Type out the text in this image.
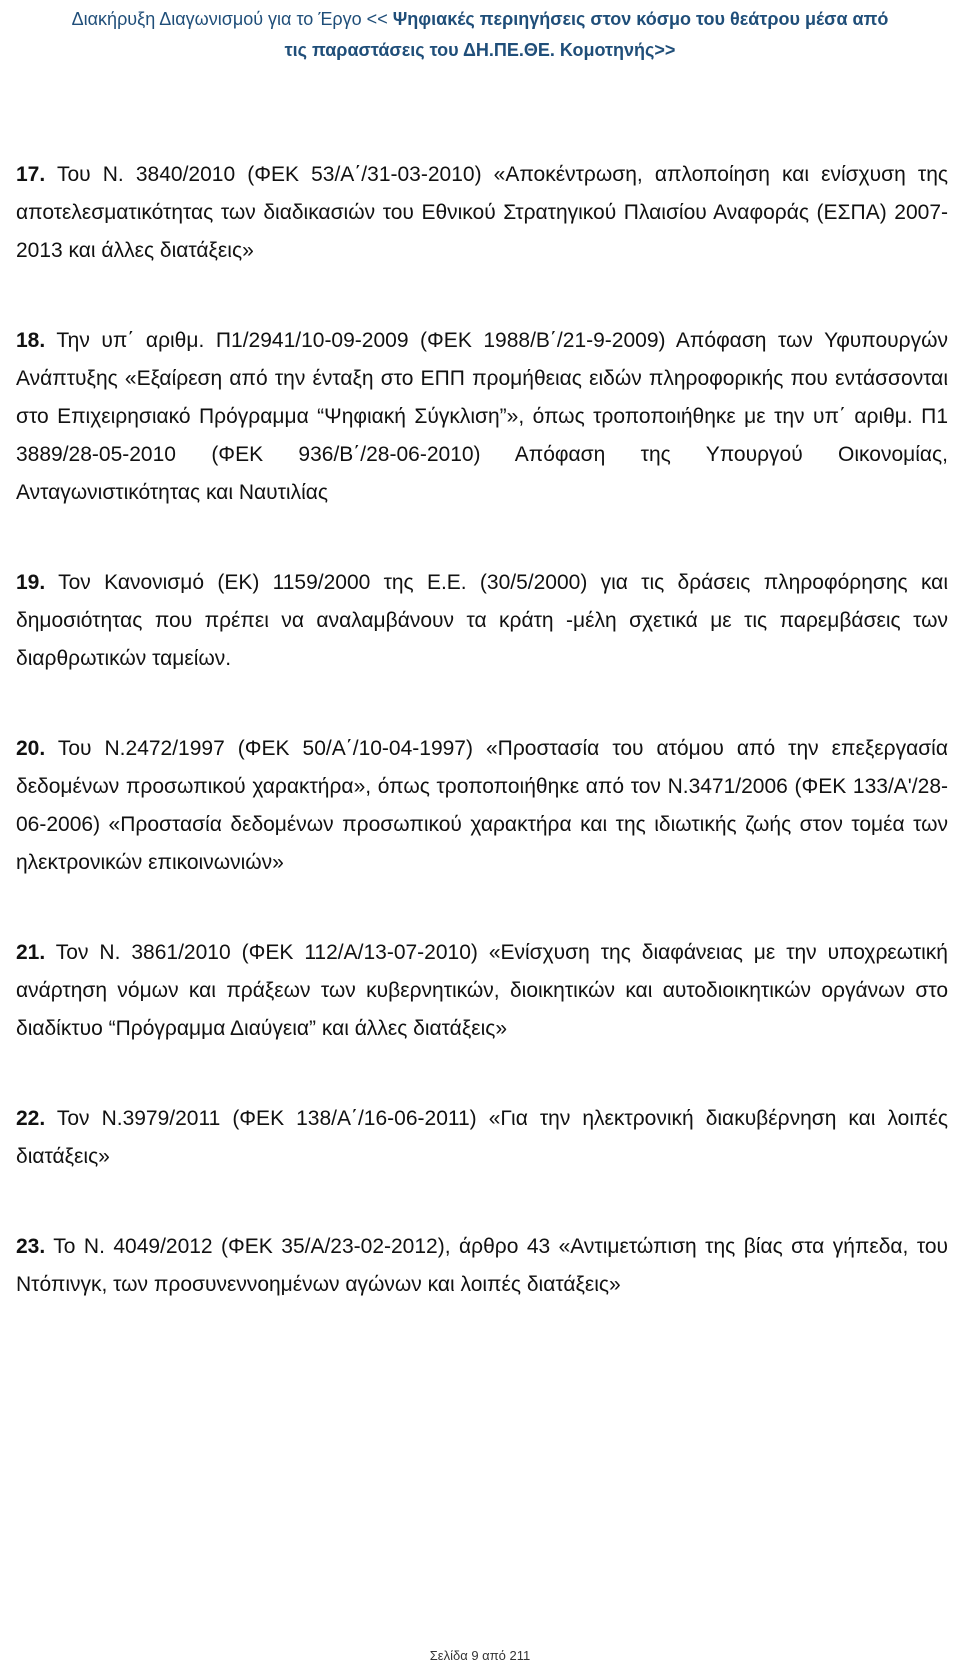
Διακήρυξη Διαγωνισμού για το Έργο << Ψηφιακές περιηγήσεις στον κόσμο του θεάτρου μέσα από
τις παραστάσεις του ΔΗ.ΠΕ.ΘΕ. Κομοτηνής>>

17. Του Ν. 3840/2010 (ΦΕΚ 53/Α΄/31-03-2010) «Αποκέντρωση, απλοποίηση και ενίσχυση της αποτελεσματικότητας των διαδικασιών του Εθνικού Στρατηγικού Πλαισίου Αναφοράς (ΕΣΠΑ) 2007-2013 και άλλες διατάξεις»

18. Την υπ΄ αριθμ. Π1/2941/10-09-2009 (ΦΕΚ 1988/Β΄/21-9-2009) Απόφαση των Υφυπουργών Ανάπτυξης «Εξαίρεση από την ένταξη στο ΕΠΠ προμήθειας ειδών πληροφορικής που εντάσσονται στο Επιχειρησιακό Πρόγραμμα “Ψηφιακή Σύγκλιση”», όπως τροποποιήθηκε με την υπ΄ αριθμ. Π1 3889/28-05-2010 (ΦΕΚ 936/Β΄/28-06-2010) Απόφαση της Υπουργού Οικονομίας, Ανταγωνιστικότητας και Ναυτιλίας

19. Τον Κανονισμό (ΕΚ) 1159/2000 της Ε.Ε. (30/5/2000) για τις δράσεις πληροφόρησης και δημοσιότητας που πρέπει να αναλαμβάνουν τα κράτη -μέλη σχετικά με τις παρεμβάσεις των διαρθρωτικών ταμείων.

20. Του Ν.2472/1997 (ΦΕΚ 50/Α΄/10-04-1997) «Προστασία του ατόμου από την επεξεργασία δεδομένων προσωπικού χαρακτήρα», όπως τροποποιήθηκε από τον Ν.3471/2006 (ΦΕΚ 133/Α'/28-06-2006) «Προστασία δεδομένων προσωπικού χαρακτήρα και της ιδιωτικής ζωής στον τομέα των ηλεκτρονικών επικοινωνιών»

21. Τον Ν. 3861/2010 (ΦΕΚ 112/Α/13-07-2010) «Ενίσχυση της διαφάνειας με την υποχρεωτική ανάρτηση νόμων και πράξεων των κυβερνητικών, διοικητικών και αυτοδιοικητικών οργάνων στο διαδίκτυο “Πρόγραμμα Διαύγεια” και άλλες διατάξεις»

22. Τον Ν.3979/2011 (ΦΕΚ 138/Α΄/16-06-2011) «Για την ηλεκτρονική διακυβέρνηση και λοιπές διατάξεις»

23. Το Ν. 4049/2012 (ΦΕΚ 35/Α/23-02-2012), άρθρο 43 «Αντιμετώπιση της βίας στα γήπεδα, του Ντόπινγκ, των προσυνεννοημένων αγώνων και λοιπές διατάξεις»

Σελίδα 9 από 211
